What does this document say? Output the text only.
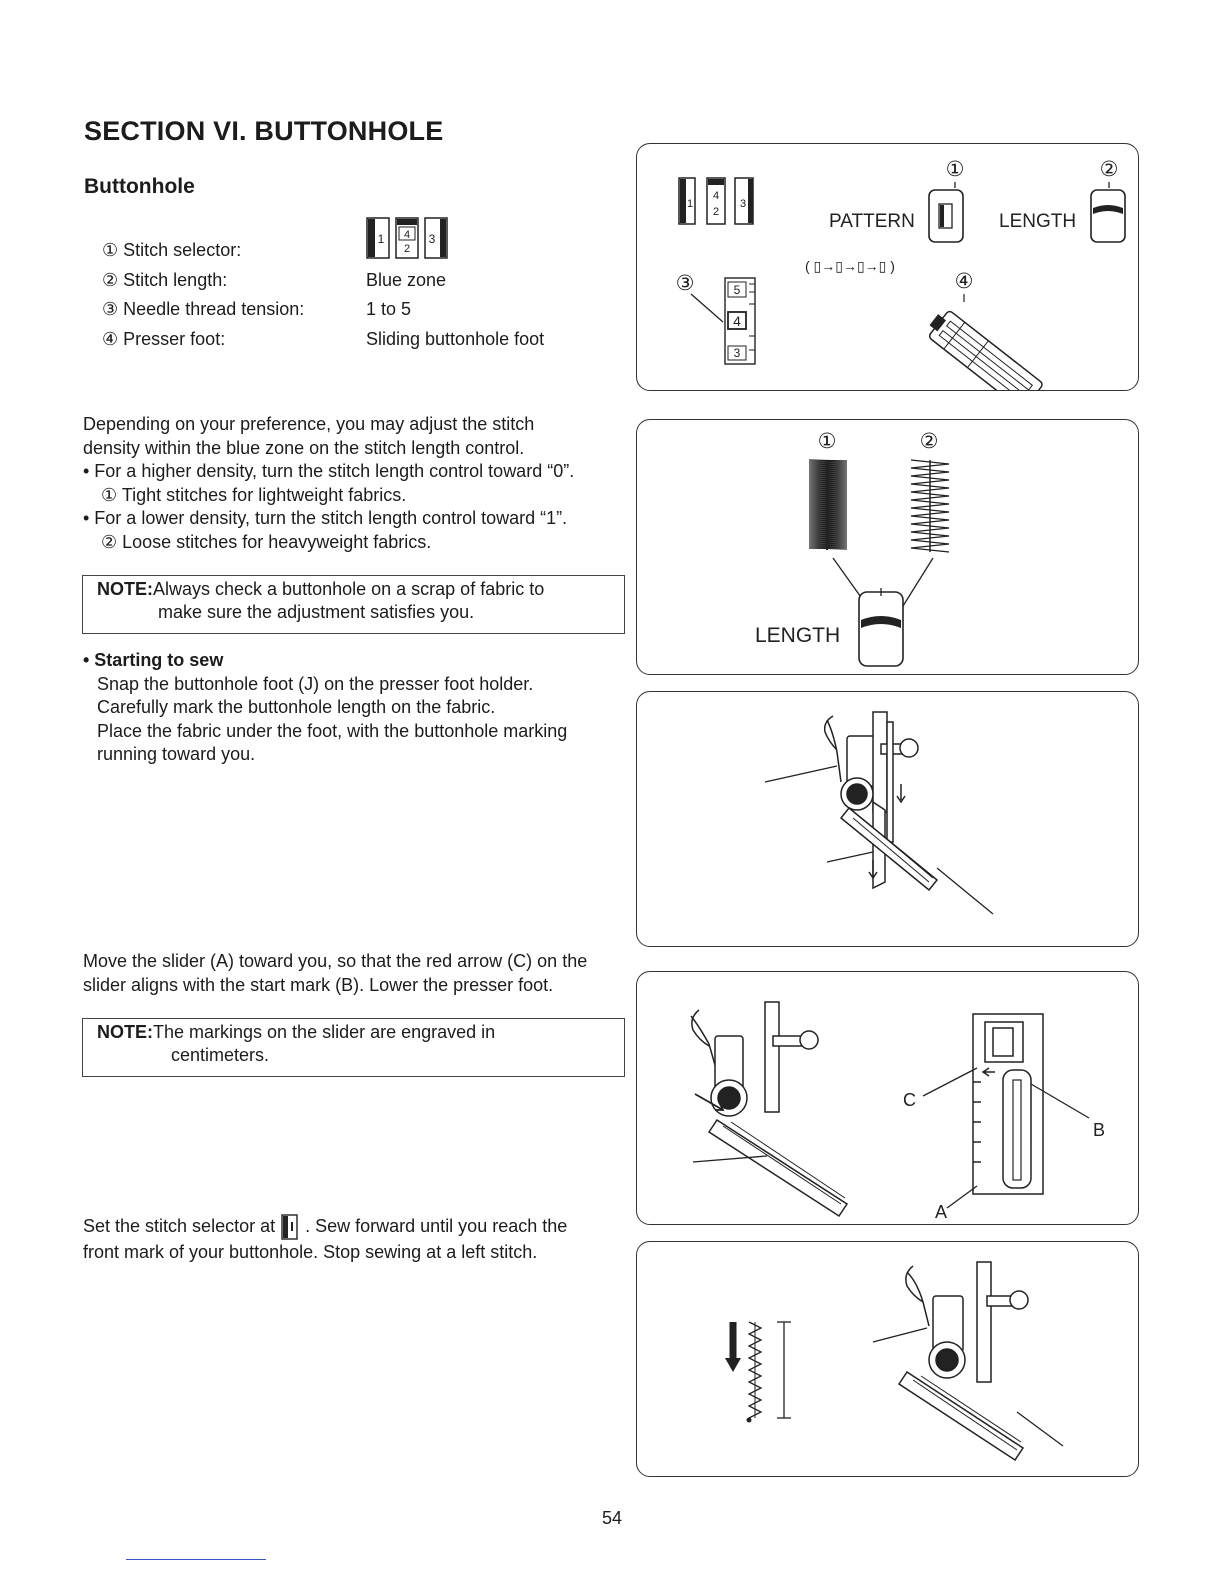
SECTION VI. BUTTONHOLE
Buttonhole
① Stitch selector:
1 4
2
3
② Stitch length:	Blue zone
③ Needle thread tension:	1 to 5
④ Presser foot:	Sliding buttonhole foot
Depending on your preference, you may adjust the stitch
density within the blue zone on the stitch length control.
• For a higher density, turn the stitch length control toward “0”.
① Tight stitches for lightweight fabrics.
• For a lower density, turn the stitch length control toward “1”.
② Loose stitches for heavyweight fabrics.
NOTE:Always check a buttonhole on a scrap of fabric to
make sure the adjustment satisfies you.
• Starting to sew
Snap the buttonhole foot (J) on the presser foot holder.
Carefully mark the buttonhole length on the fabric.
Place the fabric under the foot, with the buttonhole marking
running toward you.
Move the slider (A) toward you, so that the red arrow (C) on the
slider aligns with the start mark (B). Lower the presser foot.
NOTE:The markings on the slider are engraved in
centimeters.
Set the stitch selector at . Sew forward until you reach the
front mark of your buttonhole. Stop sewing at a left stitch.
1
4
2
3
①	②
PATTERN	LENGTH
( ▯→▯→▯→▯ )
③	5
4
3
④
①	②
LENGTH
C
B
A
54
